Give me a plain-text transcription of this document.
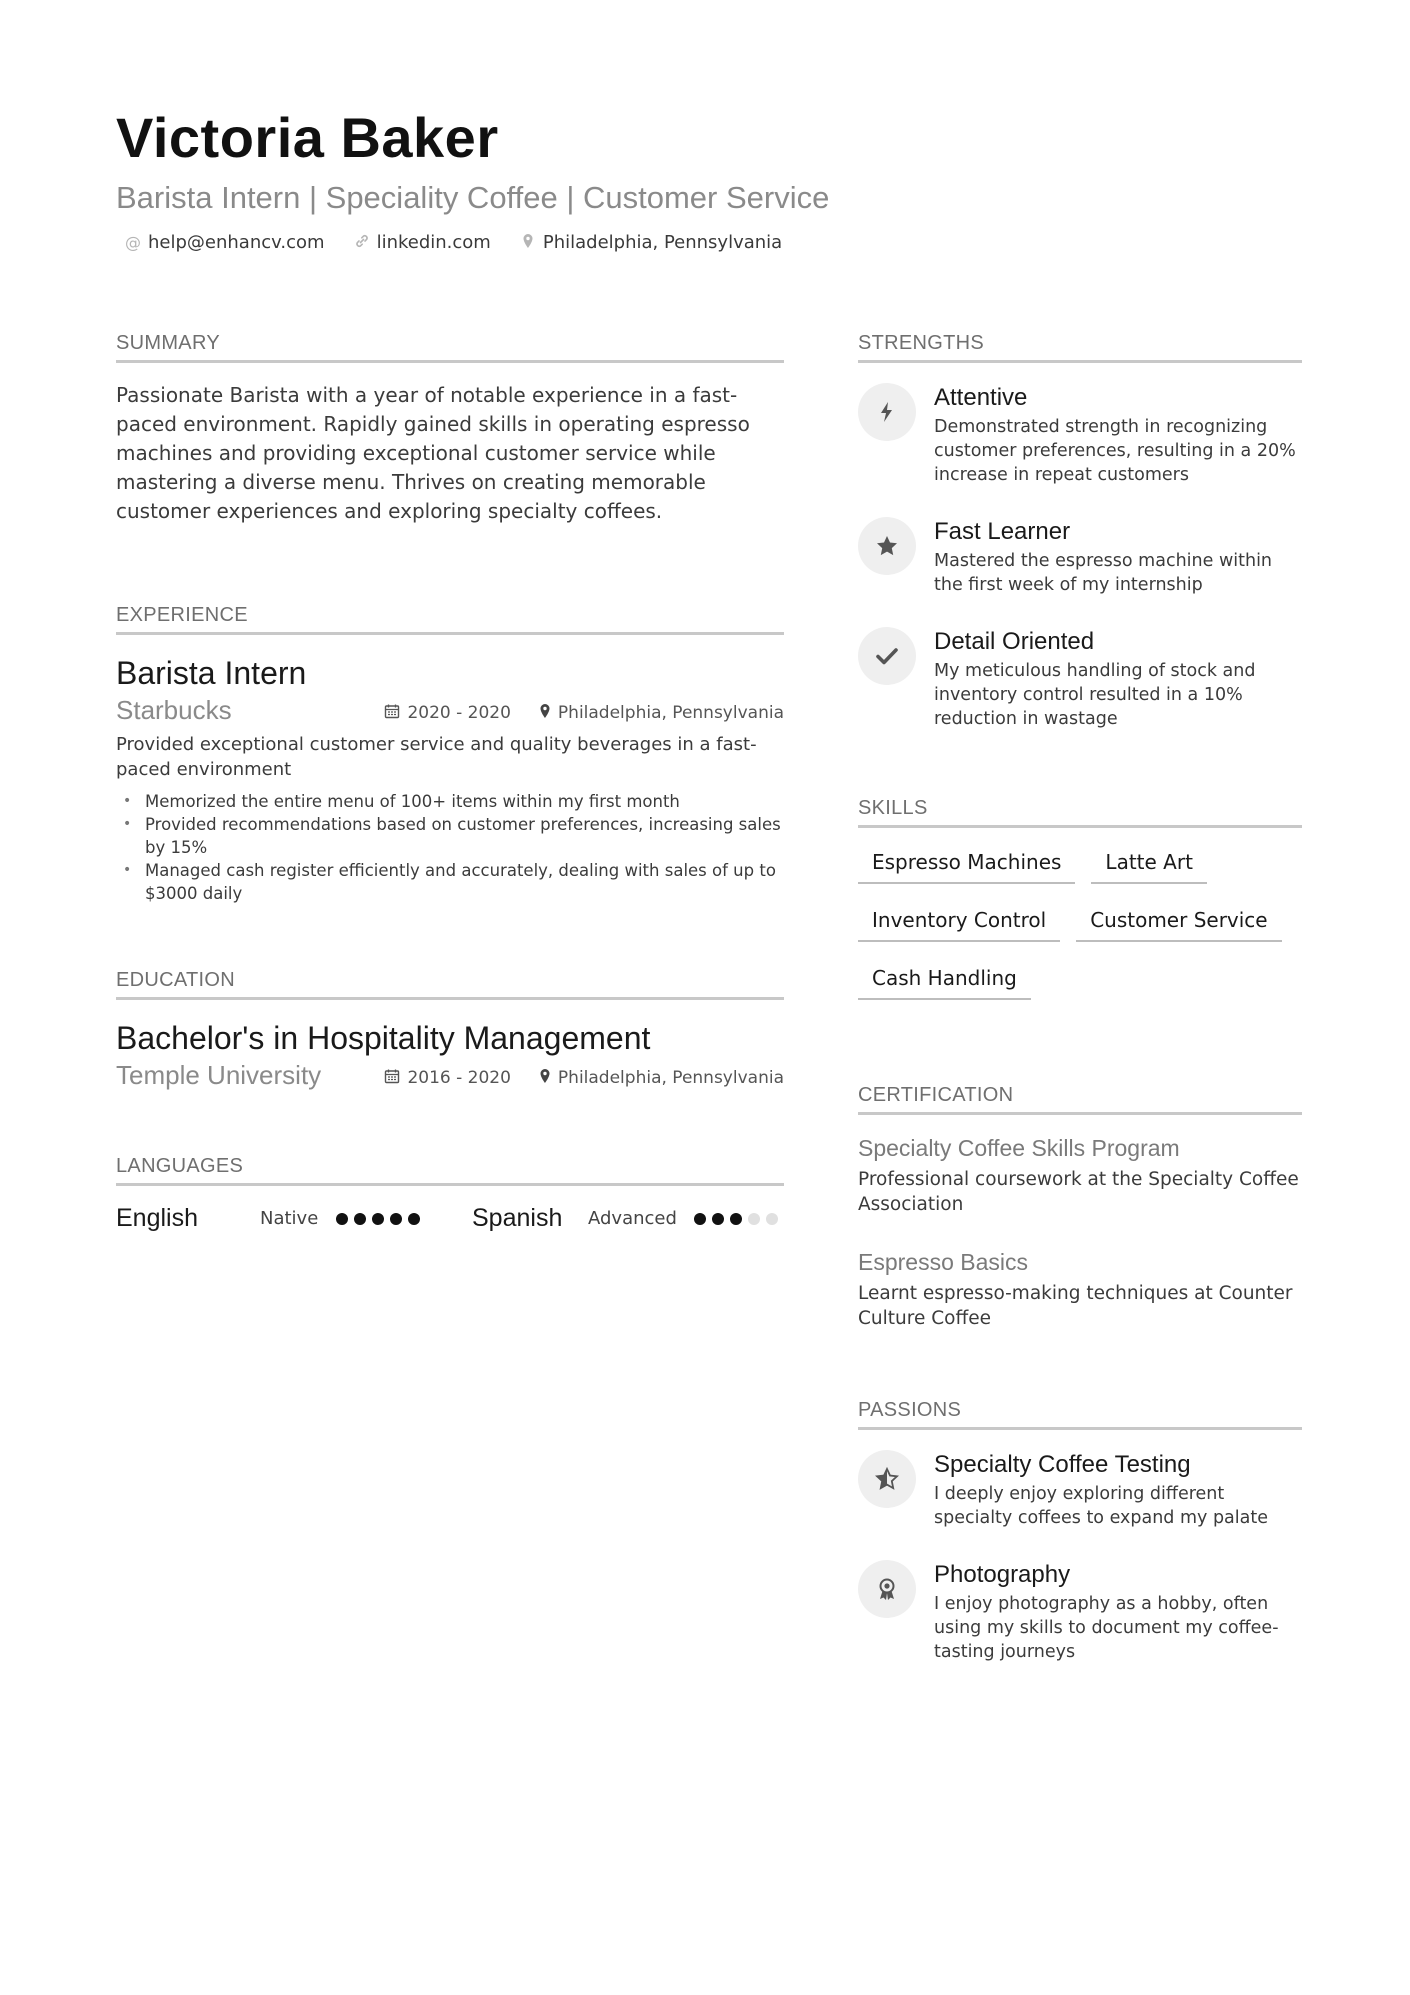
Victoria Baker
Barista Intern | Speciality Coffee | Customer Service
@ help@enhancv.com	linkedin.com	Philadelphia, Pennsylvania
SUMMARY
Passionate Barista with a year of notable experience in a fast-paced environment. Rapidly gained skills in operating espresso machines and providing exceptional customer service while mastering a diverse menu. Thrives on creating memorable customer experiences and exploring specialty coffees.
EXPERIENCE
Barista Intern
Starbucks	2020 - 2020	Philadelphia, Pennsylvania
Provided exceptional customer service and quality beverages in a fast-paced environment
• Memorized the entire menu of 100+ items within my first month
• Provided recommendations based on customer preferences, increasing sales by 15%
• Managed cash register efficiently and accurately, dealing with sales of up to $3000 daily
EDUCATION
Bachelor's in Hospitality Management
Temple University	2016 - 2020	Philadelphia, Pennsylvania
LANGUAGES
English	Native	Spanish	Advanced
STRENGTHS
Attentive
Demonstrated strength in recognizing customer preferences, resulting in a 20% increase in repeat customers
Fast Learner
Mastered the espresso machine within the first week of my internship
Detail Oriented
My meticulous handling of stock and inventory control resulted in a 10% reduction in wastage
SKILLS
Espresso Machines	Latte Art
Inventory Control	Customer Service
Cash Handling
CERTIFICATION
Specialty Coffee Skills Program
Professional coursework at the Specialty Coffee Association
Espresso Basics
Learnt espresso-making techniques at Counter Culture Coffee
PASSIONS
Specialty Coffee Testing
I deeply enjoy exploring different specialty coffees to expand my palate
Photography
I enjoy photography as a hobby, often using my skills to document my coffee-tasting journeys
